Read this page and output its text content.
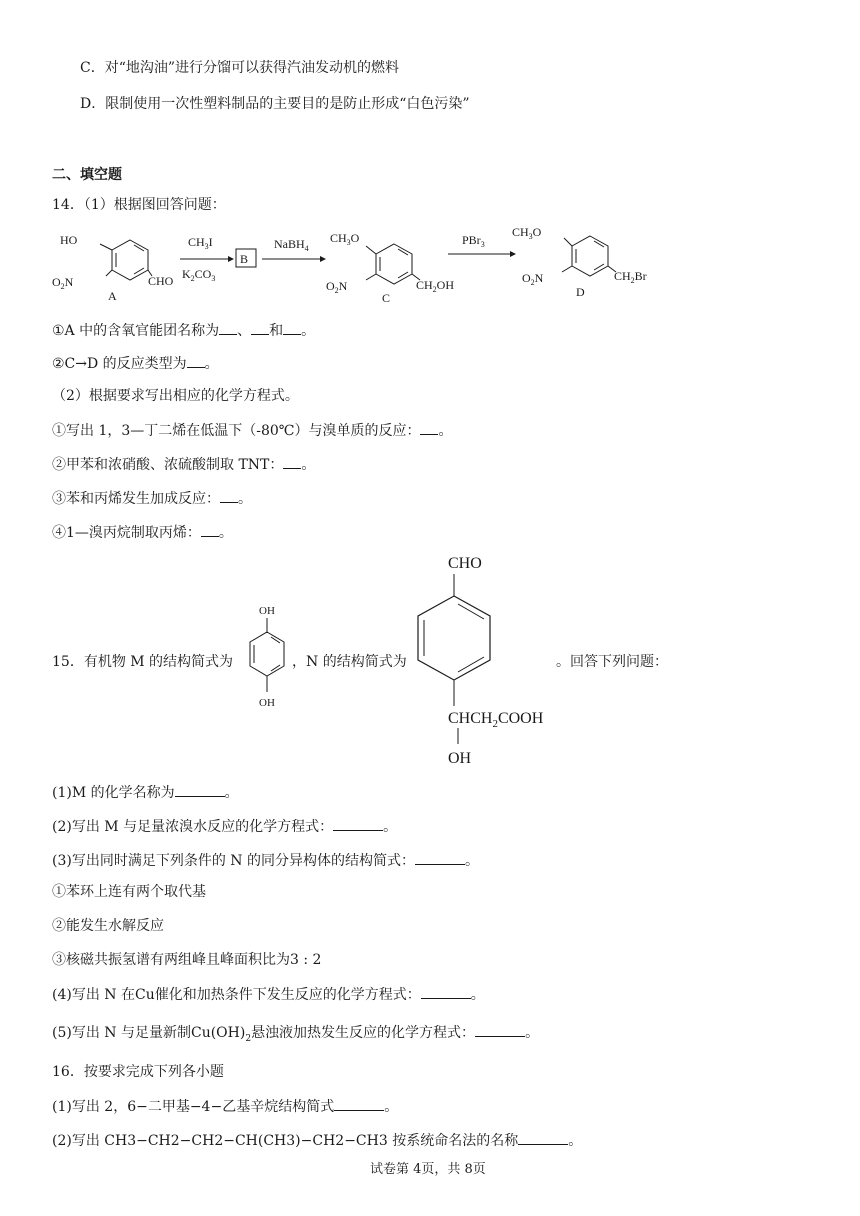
C．对“地沟油”进行分馏可以获得汽油发动机的燃料
D．限制使用一次性塑料制品的主要目的是防止形成“白色污染”
二、填空题
14．（1）根据图回答问题：
HO
$O_2N$	CHO
A
$CH_3I$
$K_2CO_3$
B
NaBH$_4$
$CH_3O$
$O_2N$	$CH_2OH$
C
PBr$_3$
$CH_3O$
$O_2N$	$CH_2Br$
D
①A 中的含氧官能团名称为 、 和 。
②C→D 的反应类型为 。
（2）根据要求写出相应的化学方程式。
①写出 1，3—丁二烯在低温下（-80℃）与溴单质的反应： 。
②甲苯和浓硝酸、浓硫酸制取 TNT： 。
③苯和丙烯发生加成反应： 。
④1—溴丙烷制取丙烯： 。
OH
OH
CHO
$CHCH_2COOH$
OH
15．有机物 M 的结构简式为	，N 的结构简式为	。回答下列问题：
(1)M 的化学名称为	。
(2)写出 M 与足量浓溴水反应的化学方程式：	。
(3)写出同时满足下列条件的 N 的同分异构体的结构简式：	。
①苯环上连有两个取代基
②能发生水解反应
③核磁共振氢谱有两组峰且峰面积比为3 : 2
(4)写出 N 在Cu催化和加热条件下发生反应的化学方程式：	。
(5)写出 N 与足量新制$Cu(OH)_2$悬浊液加热发生反应的化学方程式：	。
16．按要求完成下列各小题
(1)写出 2，6−二甲基−4−乙基辛烷结构简式	。
(2)写出 CH3−CH2−CH2−CH(CH3)−CH2−CH3 按系统命名法的名称	。
试卷第 4页，共 8页
